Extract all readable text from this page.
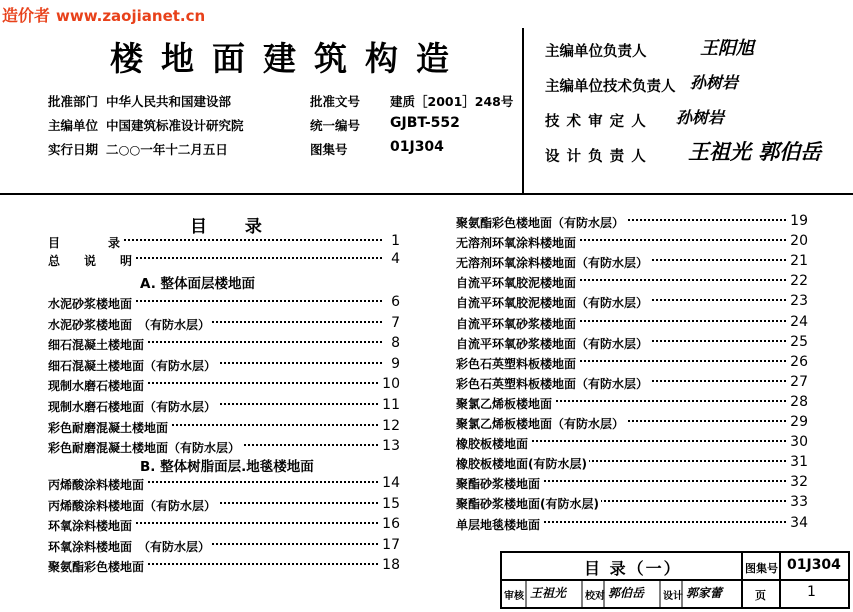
造价者 www.zaojianet.cn
楼地面建筑构造
批准部门 中华人民共和国建设部
主编单位 中国建筑标准设计研究院
实行日期 二○○一年十二月五日
批准文号 建质［2001］248号
统一编号 GJBT-552
图集号	01J304
主编单位负责人	王阳旭
主编单位技术负责人 孙树岩
技 术 审 定 人 孙树岩
设 计 负 责 人 王祖光 郭伯岳
目 录
目　　　　录	1
总　　说　　明	4
A. 整体面层楼地面
水泥砂浆楼地面	6
水泥砂浆楼地面　（有防水层）	7
细石混凝土楼地面	8
细石混凝土楼地面（有防水层）	9
现制水磨石楼地面	10
现制水磨石楼地面（有防水层）	11
彩色耐磨混凝土楼地面	12
彩色耐磨混凝土楼地面（有防水层）	13
B. 整体树脂面层.地毯楼地面
丙烯酸涂料楼地面	14
丙烯酸涂料楼地面（有防水层）	15
环氧涂料楼地面	16
环氧涂料楼地面　（有防水层）	17
聚氨酯彩色楼地面	18
聚氨酯彩色楼地面（有防水层）	19
无溶剂环氧涂料楼地面	20
无溶剂环氧涂料楼地面（有防水层）	21
自流平环氧胶泥楼地面	22
自流平环氧胶泥楼地面（有防水层）	23
自流平环氧砂浆楼地面	24
自流平环氧砂浆楼地面（有防水层）	25
彩色石英塑料板楼地面	26
彩色石英塑料板楼地面（有防水层）	27
聚氯乙烯板楼地面	28
聚氯乙烯板楼地面（有防水层）	29
橡胶板楼地面	30
橡胶板楼地面(有防水层)	31
聚酯砂浆楼地面	32
聚酯砂浆楼地面(有防水层)	33
单层地毯楼地面	34
目 录（一）	图集号 01J304
审核 王祖光 校对 郭伯岳 设计 郭家蕾	页	1
